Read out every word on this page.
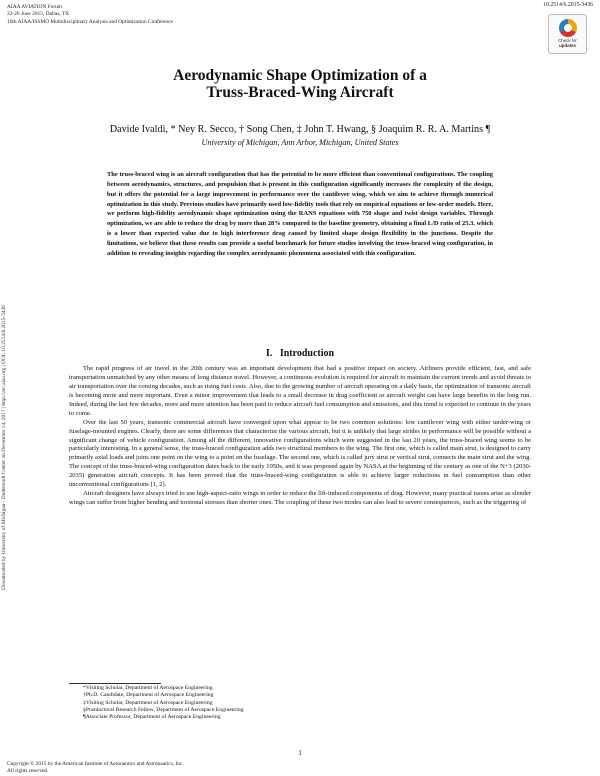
AIAA AVIATION Forum
22-26 June 2015, Dallas, TX
16th AIAA/ISSMO Multidisciplinary Analysis and Optimization Conference
10.2514/6.2015-3436
Check for
updates
Downloaded by University of Michigan - Duderstadt Center on December 14, 2017 | http://arc.aiaa.org | DOI: 10.2514/6.2015-3436
Aerodynamic Shape Optimization of a
Truss-Braced-Wing Aircraft
Davide Ivaldi, * Ney R. Secco, † Song Chen, ‡ John T. Hwang, § Joaquim R. R. A. Martins ¶
University of Michigan, Ann Arbor, Michigan, United States
The truss-braced wing is an aircraft configuration that has the potential to be more efficient than conventional configurations. The coupling between aerodynamics, structures, and propulsion that is present in this configuration significantly increases the complexity of the design, but it offers the potential for a large improvement in performance over the cantilever wing, which we aim to achieve through numerical optimization in this study. Previous studies have primarily used low-fidelity tools that rely on empirical equations or low-order models. Here, we perform high-fidelity aerodynamic shape optimization using the RANS equations with 750 shape and twist design variables. Through optimization, we are able to reduce the drag by more than 28% compared to the baseline geometry, obtaining a final L/D ratio of 25.3, which is a lower than expected value due to high interference drag caused by limited shape design flexibility in the junctions. Despite the limitations, we believe that these results can provide a useful benchmark for future studies involving the truss-braced wing configuration, in addition to revealing insights regarding the complex aerodynamic phenomena associated with this configuration.
I. Introduction

The rapid progress of air travel in the 20th century was an important development that had a positive impact on society. Airliners provide efficient, fast, and safe transportation unmatched by any other means of long distance travel. However, a continuous evolution is required for aircraft to maintain the current trends and avoid threats to air transportation over the coming decades, such as rising fuel costs. Also, due to the growing number of aircraft operating on a daily basis, the optimization of transonic aircraft is becoming more and more important. Even a minor improvement that leads to a small decrease in drag coefficient or aircraft weight can have large benefits in the long run. Indeed, during the last few decades, more and more attention has been paid to reduce aircraft fuel consumption and emissions, and this trend is expected to continue in the years to come.

Over the last 50 years, transonic commercial aircraft have converged upon what appear to be two common solutions: low cantilever wing with either under-wing or fuselage-mounted engines. Clearly, there are some differences that characterize the various aircraft, but it is unlikely that large strides in performance will be possible without a significant change of vehicle configuration. Among all the different, innovative configurations which were suggested in the last 20 years, the truss-braced wing seems to be particularly interesting. In a general sense, the truss-braced configuration adds two structural members to the wing. The first one, which is called main strut, is designed to carry primarily axial loads and joins one point on the wing to a point on the fuselage. The second one, which is called jury strut or vertical strut, connects the main strut and the wing. The concept of the truss-braced-wing configuration dates back to the early 1950s, and it was proposed again by NASA at the beginning of the century as one of the N+3 (2030-2035) generation aircraft concepts. It has been proved that the truss-braced-wing configuration is able to achieve larger reductions in fuel consumption than other unconventional configurations [1, 2].

Aircraft designers have always tried to use high-aspect-ratio wings in order to reduce the lift-induced components of drag. However, many practical issues arise as slender wings can suffer from higher bending and torsional stresses than shorter ones. The coupling of these two modes can also lead to severe consequences, such as the triggering of

*Visiting Scholar, Department of Aerospace Engineering
†Ph.D. Candidate, Department of Aerospace Engineering
‡Visiting Scholar, Department of Aerospace Engineering
§Postdoctoral Research Fellow, Department of Aerospace Engineering
¶Associate Professor, Department of Aerospace Engineering
1
Copyright © 2015 by the American Institute of Aeronautics and Astronautics, Inc.
All rights reserved.
